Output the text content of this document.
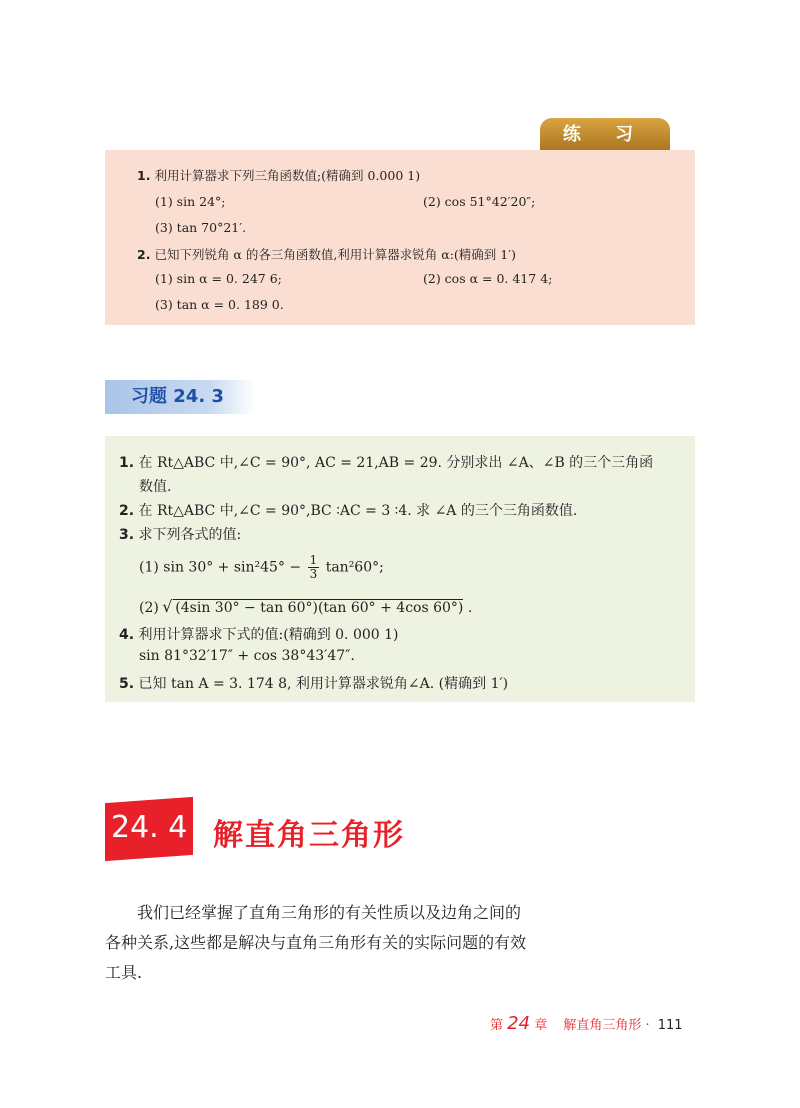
练 习
1. 利用计算器求下列三角函数值;(精确到 0.000 1)
(1) sin 24°;	(2) cos 51°42′20″;
(3) tan 70°21′.
2. 已知下列锐角 α 的各三角函数值,利用计算器求锐角 α:(精确到 1′)
(1) sin α = 0. 247 6;	(2) cos α = 0. 417 4;
(3) tan α = 0. 189 0.
习题 24. 3
1. 在 Rt△ABC 中,∠C = 90°, AC = 21,AB = 29. 分别求出 ∠A、∠B 的三个三角函
数值.
2. 在 Rt△ABC 中,∠C = 90°,BC ∶AC = 3 ∶4. 求 ∠A 的三个三角函数值.
3. 求下列各式的值:
(1) $\sin 30^\circ + \sin^245^\circ - \frac{1}{3} \tan^260^\circ$;
(2) √ (4sin 30° − tan 60°)(tan 60° + 4cos 60°) .
4. 利用计算器求下式的值:(精确到 0. 000 1)
sin 81°32′17″ + cos 38°43′47″.
5. 已知 tan A = 3. 174 8, 利用计算器求锐角∠A. (精确到 1′)
24. 4 解直角三角形
我们已经掌握了直角三角形的有关性质以及边角之间的各种关系,这些都是解决与直角三角形有关的实际问题的有效工具.
第 24 章 解直角三角形 · 111
